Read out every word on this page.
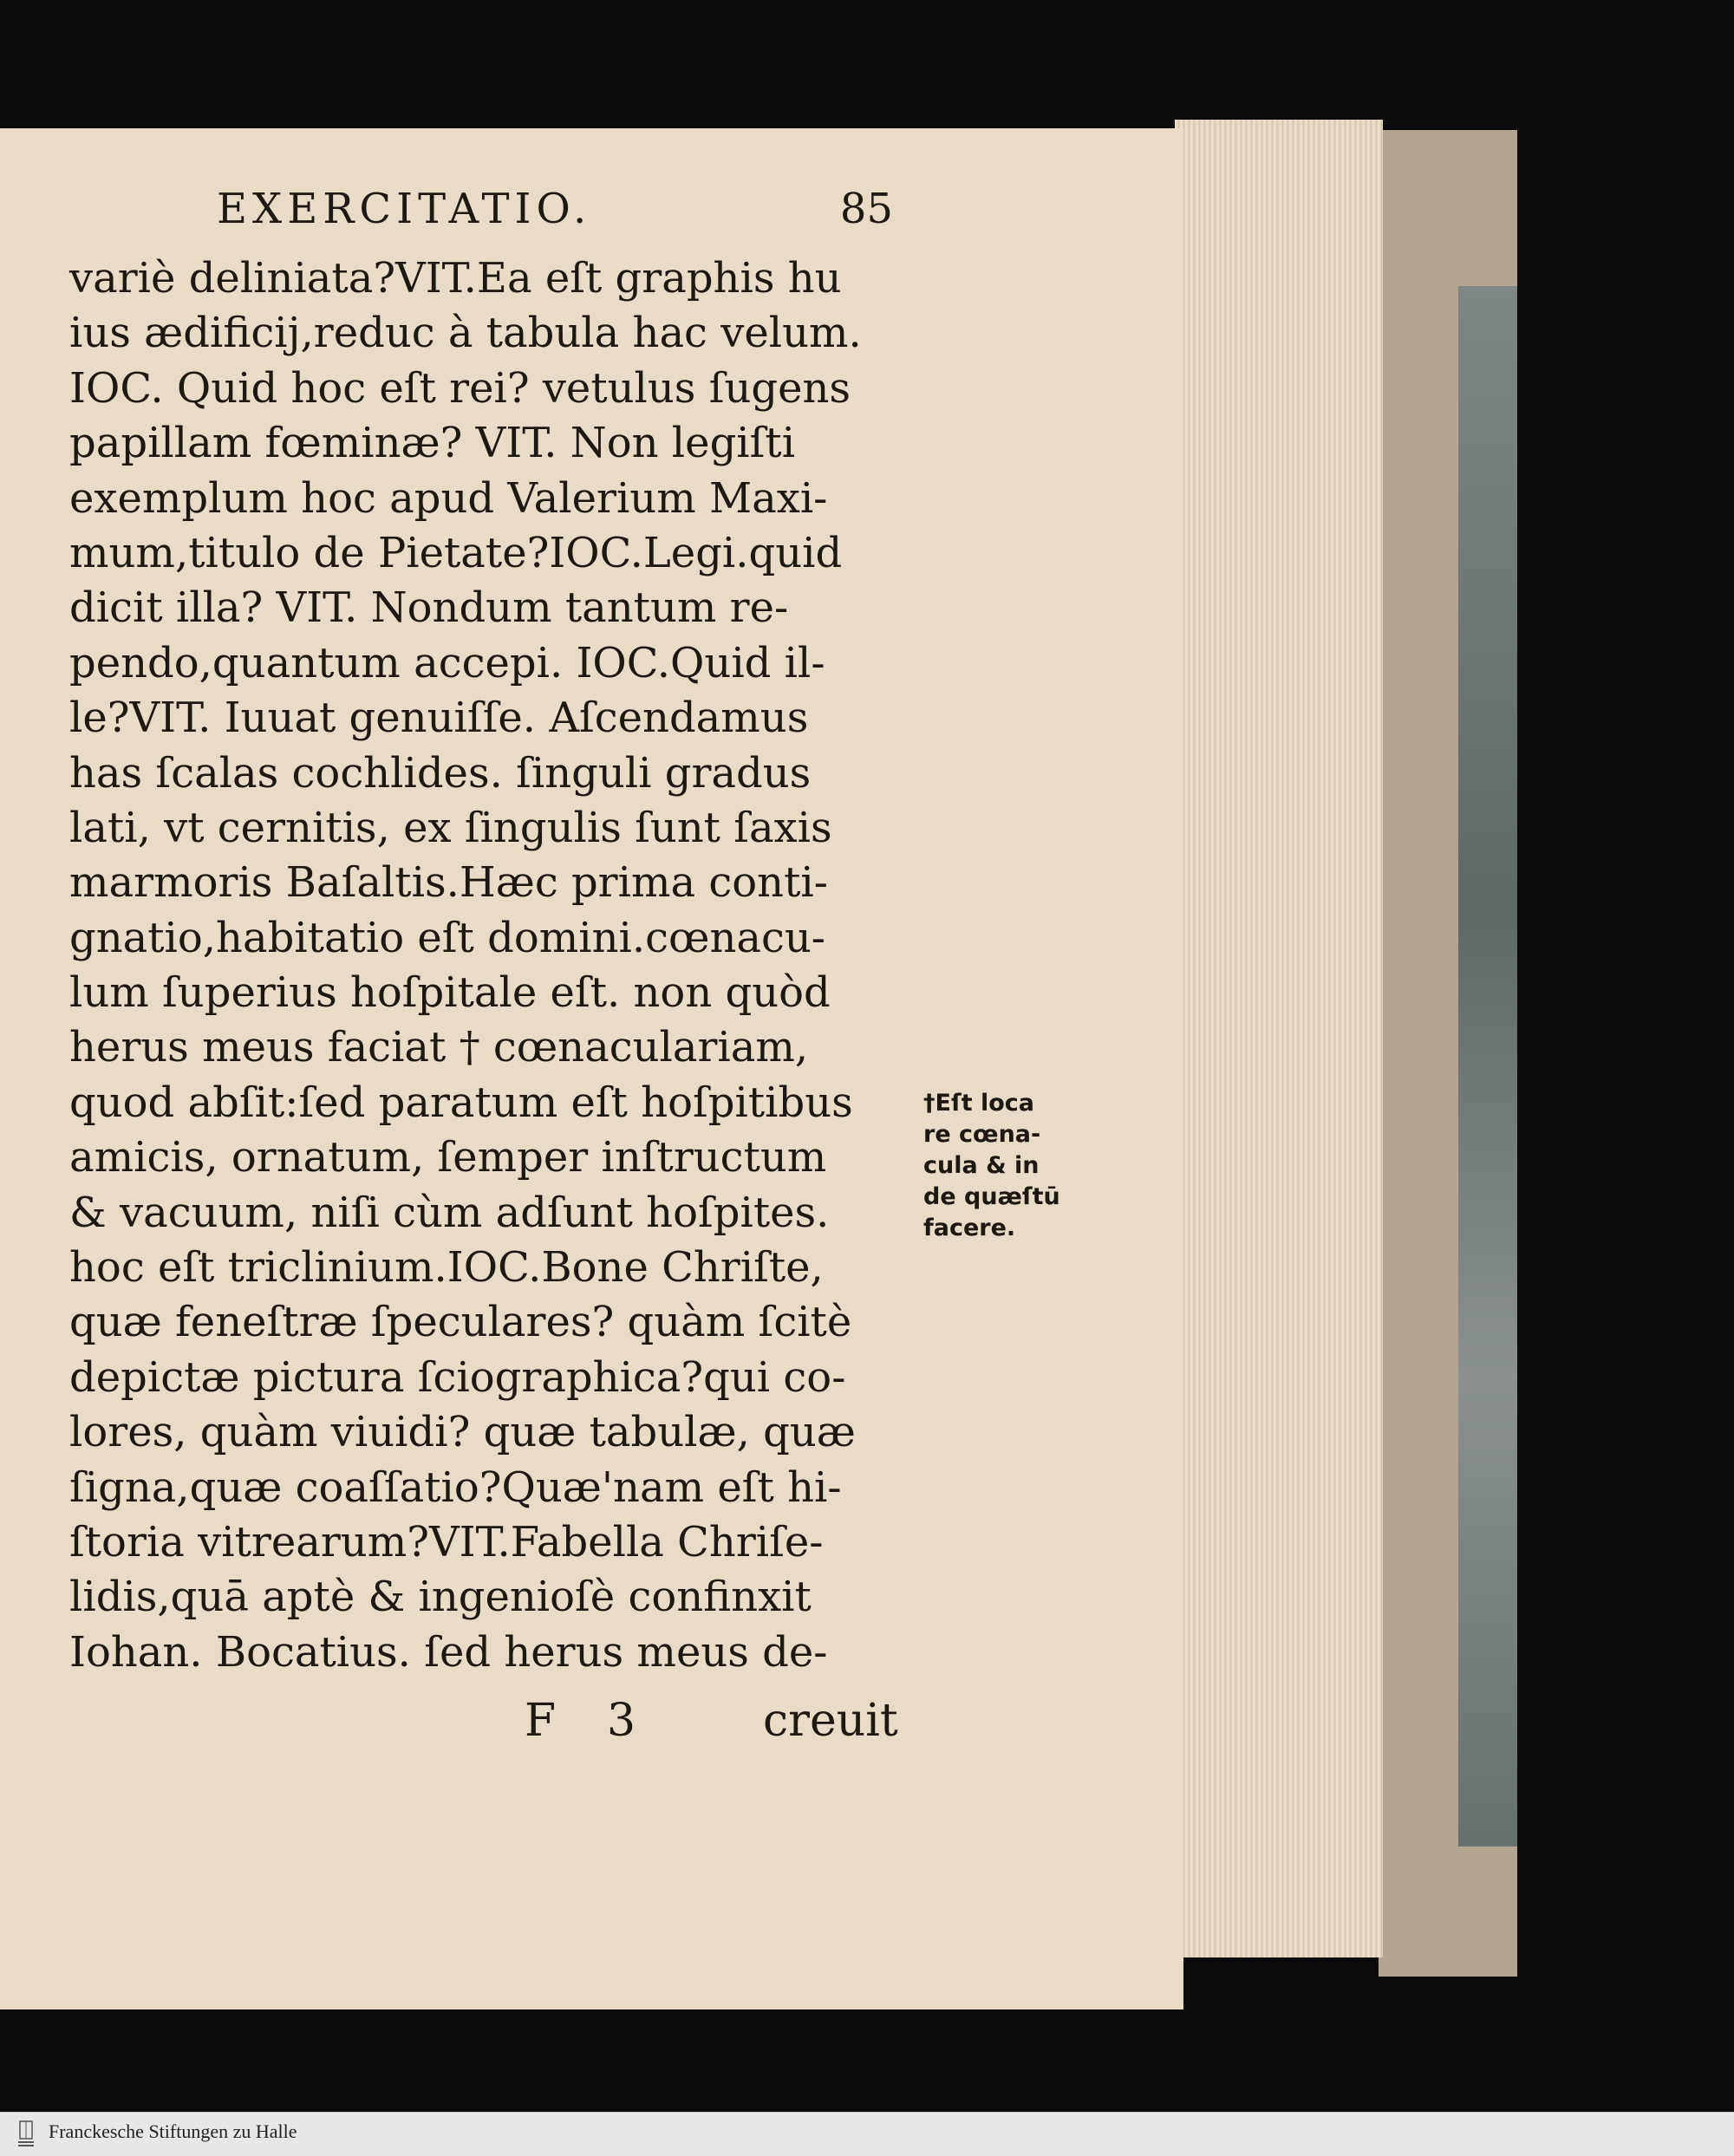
EXERCITATIO.	85
variè deliniata?VIT.Ea eſt graphis hu
ius ædificij,reduc à tabula hac velum.
IOC. Quid hoc eſt rei? vetulus ſugens
papillam fœminæ? VIT. Non legiſti
exemplum hoc apud Valerium Maxi-
mum,titulo de Pietate?IOC.Legi.quid
dicit illa? VIT. Nondum tantum re-
pendo,quantum accepi. IOC.Quid il-
le?VIT. Iuuat genuiſſe. Aſcendamus
has ſcalas cochlides. ſinguli gradus
lati, vt cernitis, ex ſingulis ſunt ſaxis
marmoris Baſaltis.Hæc prima conti-
gnatio,habitatio eſt domini.cœnacu-
lum ſuperius hoſpitale eſt. non quòd
herus meus faciat † cœnaculariam,
quod abſit:ſed paratum eſt hoſpitibus
amicis, ornatum, ſemper inſtructum
& vacuum, niſi cùm adſunt hoſpites.
hoc eſt triclinium.IOC.Bone Chriſte,
quæ feneſtræ ſpeculares? quàm ſcitè
depictæ pictura ſciographica?qui co-
lores, quàm viuidi? quæ tabulæ, quæ
ſigna,quæ coaſſatio?Quæ'nam eſt hi-
ſtoria vitrearum?VIT.Fabella Chriſe-
lidis,quā aptè & ingenioſè confinxit
Iohan. Bocatius. ſed herus meus de-
†Eſt loca
re cœna-
cula & in
de quæſtū
facere.
F 3	creuit
Franckesche Stiftungen zu Halle
